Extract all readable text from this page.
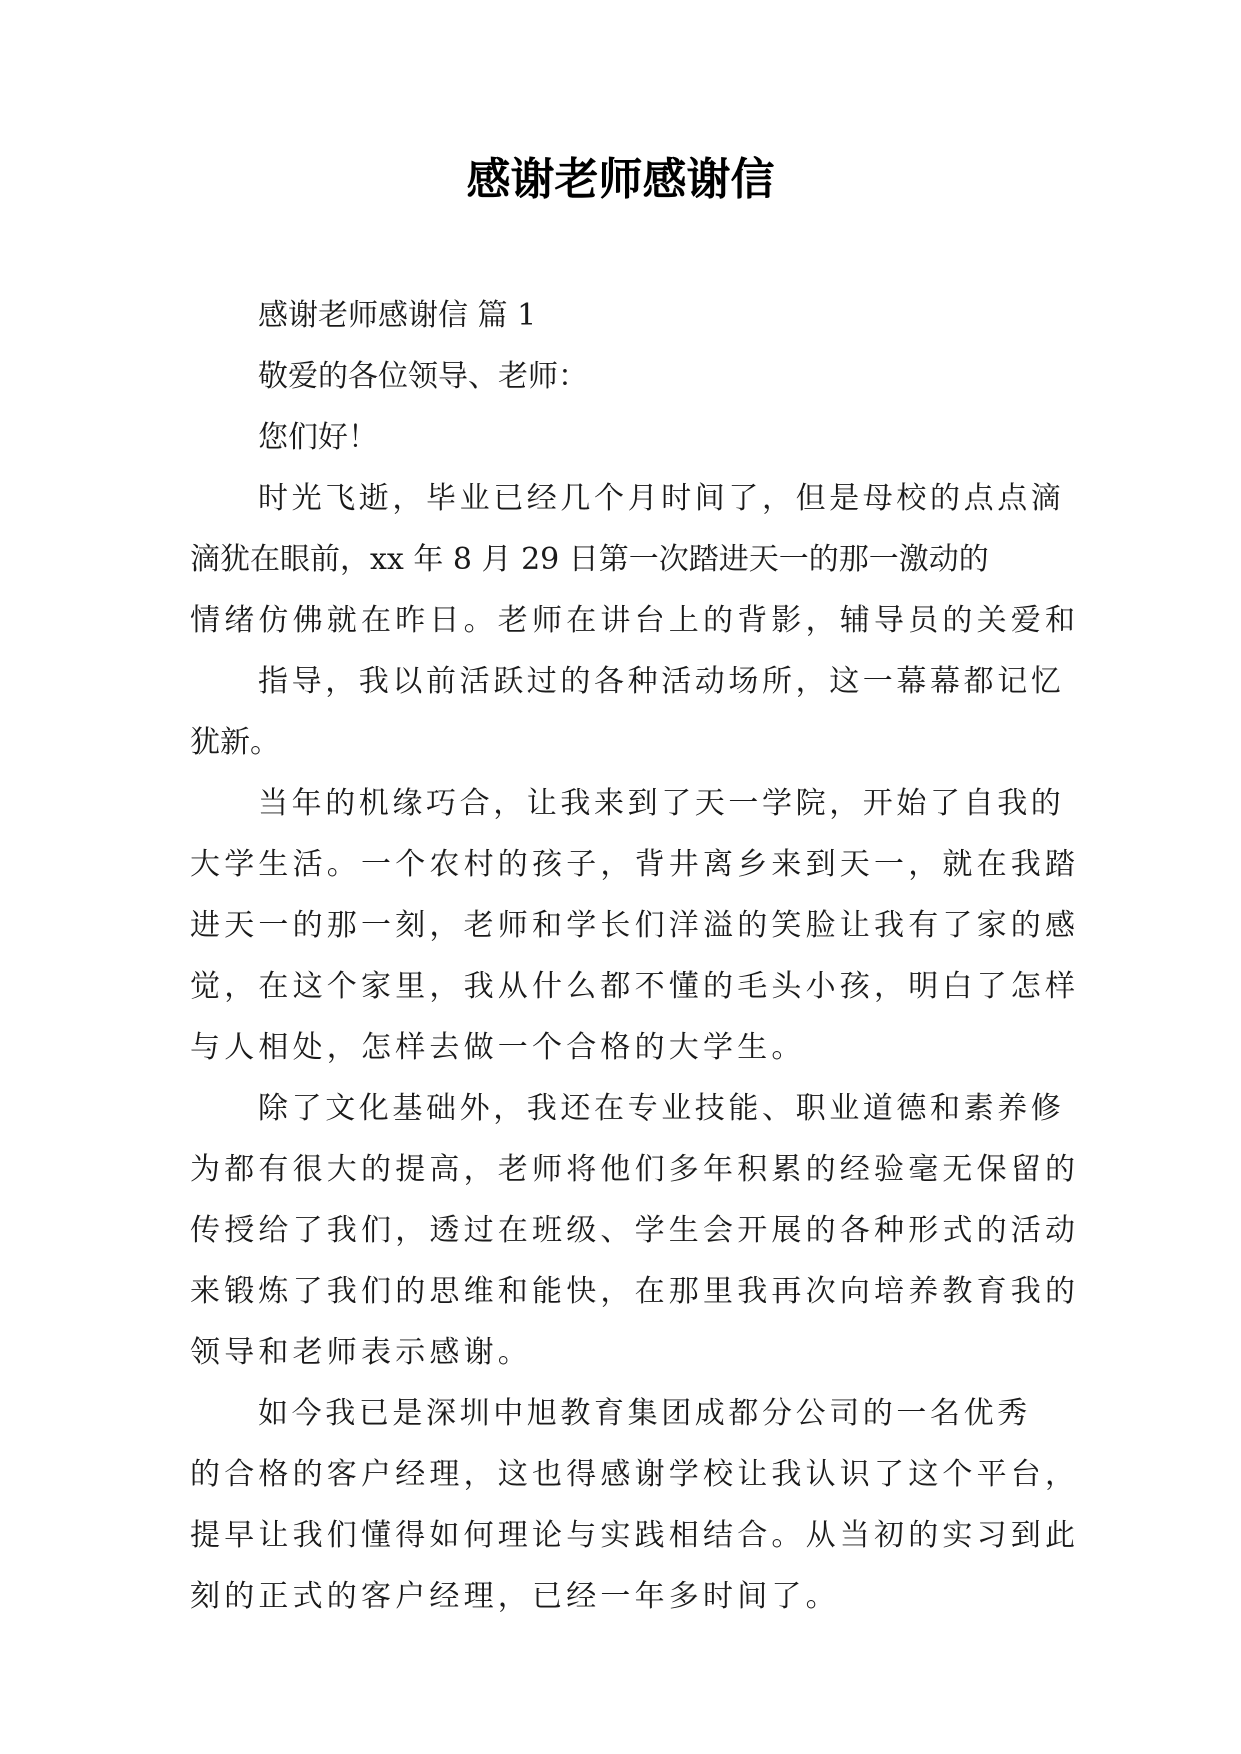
感谢老师感谢信
感谢老师感谢信 篇 1
敬爱的各位领导、老师：
您们好！
时光飞逝，毕业已经几个月时间了，但是母校的点点滴
滴犹在眼前，xx 年 8 月 29 日第一次踏进天一的那一激动的
情绪仿佛就在昨日。老师在讲台上的背影，辅导员的关爱和
指导，我以前活跃过的各种活动场所，这一幕幕都记忆
犹新。
当年的机缘巧合，让我来到了天一学院，开始了自我的
大学生活。一个农村的孩子，背井离乡来到天一，就在我踏
进天一的那一刻，老师和学长们洋溢的笑脸让我有了家的感
觉，在这个家里，我从什么都不懂的毛头小孩，明白了怎样
与人相处，怎样去做一个合格的大学生。
除了文化基础外，我还在专业技能、职业道德和素养修
为都有很大的提高，老师将他们多年积累的经验毫无保留的
传授给了我们，透过在班级、学生会开展的各种形式的活动
来锻炼了我们的思维和能快，在那里我再次向培养教育我的
领导和老师表示感谢。
如今我已是深圳中旭教育集团成都分公司的一名优秀
的合格的客户经理，这也得感谢学校让我认识了这个平台，
提早让我们懂得如何理论与实践相结合。从当初的实习到此
刻的正式的客户经理，已经一年多时间了。
